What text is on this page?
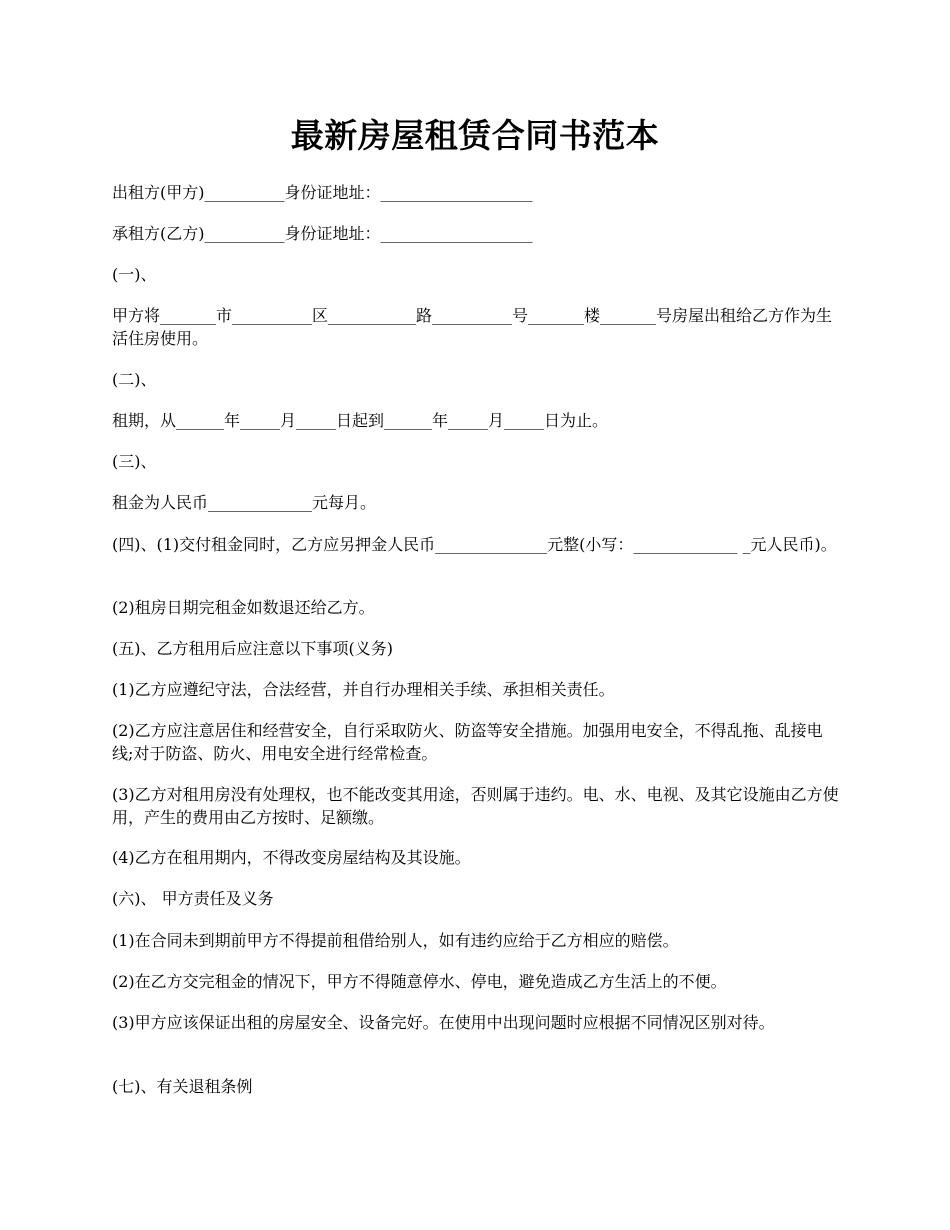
最新房屋租赁合同书范本

出租方(甲方)__________身份证地址：___________________

承租方(乙方)__________身份证地址：___________________

(一)、

甲方将_______市__________区___________路__________号_______楼_______号房屋出租给乙方作为生活住房使用。

(二)、

租期，从______年_____月_____日起到______年_____月_____日为止。

(三)、

租金为人民币_____________元每月。

(四)、(1)交付租金同时，乙方应另押金人民币______________元整(小写：_____________ _元人民币)。

(2)租房日期完租金如数退还给乙方。

(五)、乙方租用后应注意以下事项(义务)

(1)乙方应遵纪守法，合法经营，并自行办理相关手续、承担相关责任。

(2)乙方应注意居住和经营安全，自行采取防火、防盗等安全措施。加强用电安全，不得乱拖、乱接电线;对于防盗、防火、用电安全进行经常检查。

(3)乙方对租用房没有处理权，也不能改变其用途，否则属于违约。电、水、电视、及其它设施由乙方使用，产生的费用由乙方按时、足额缴。

(4)乙方在租用期内，不得改变房屋结构及其设施。

(六)、 甲方责任及义务

(1)在合同未到期前甲方不得提前租借给别人，如有违约应给于乙方相应的赔偿。

(2)在乙方交完租金的情况下，甲方不得随意停水、停电，避免造成乙方生活上的不便。

(3)甲方应该保证出租的房屋安全、设备完好。在使用中出现问题时应根据不同情况区别对待。

(七)、有关退租条例
